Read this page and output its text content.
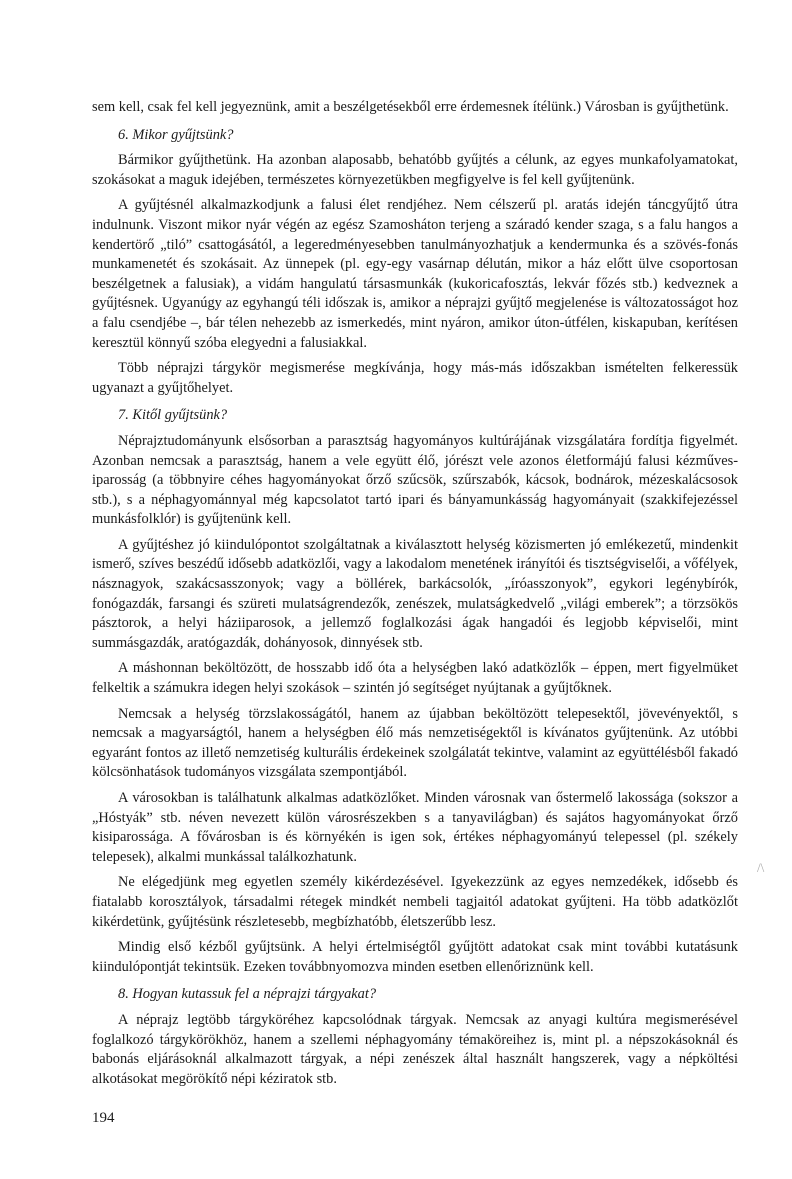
sem kell, csak fel kell jegyeznünk, amit a beszélgetésekből erre érdemesnek ítélünk.) Városban is gyűjthetünk.

6. Mikor gyűjtsünk?

Bármikor gyűjthetünk. Ha azonban alaposabb, behatóbb gyűjtés a célunk, az egyes munkafolyamatokat, szokásokat a maguk idejében, természetes környezetükben megfigyelve is fel kell gyűjtenünk.

A gyűjtésnél alkalmazkodjunk a falusi élet rendjéhez. Nem célszerű pl. aratás idején táncgyűjtő útra indulnunk. Viszont mikor nyár végén az egész Szamosháton terjeng a száradó kender szaga, s a falu hangos a kendertörő „tiló” csattogásától, a legeredményesebben tanulmányozhatjuk a kendermunka és a szövés-fonás munkamenetét és szokásait. Az ünnepek (pl. egy-egy vasárnap délután, mikor a ház előtt ülve csoportosan beszélgetnek a falusiak), a vidám hangulatú társasmunkák (kukoricafosztás, lekvár főzés stb.) kedveznek a gyűjtésnek. Ugyanúgy az egyhangú téli időszak is, amikor a néprajzi gyűjtő megjelenése is változatosságot hoz a falu csendjébe –, bár télen nehezebb az ismerkedés, mint nyáron, amikor úton-útfélen, kiskapuban, kerítésen keresztül könnyű szóba elegyedni a falusiakkal.

Több néprajzi tárgykör megismerése megkívánja, hogy más-más időszakban ismételten felkeressük ugyanazt a gyűjtőhelyet.

7. Kitől gyűjtsünk?

Néprajztudományunk elsősorban a parasztság hagyományos kultúrájának vizsgálatára fordítja figyelmét. Azonban nemcsak a parasztság, hanem a vele együtt élő, jórészt vele azonos életformájú falusi kézműves-iparosság (a többnyire céhes hagyományokat őrző szűcsök, szűrszabók, kácsok, bodnárok, mézeskalácsosok stb.), s a néphagyománnyal még kapcsolatot tartó ipari és bányamunkásság hagyományait (szakkifejezéssel munkásfolklór) is gyűjtenünk kell.

A gyűjtéshez jó kiindulópontot szolgáltatnak a kiválasztott helység közismerten jó emlékezetű, mindenkit ismerő, szíves beszédű idősebb adatközlői, vagy a lakodalom menetének irányítói és tisztségviselői, a vőfélyek, násznagyok, szakácsasszonyok; vagy a böllérek, barkácsolók, „íróasszonyok”, egykori legénybírók, fonógazdák, farsangi és szüreti mulatságrendezők, zenészek, mulatságkedvelő „világi emberek”; a törzsökös pásztorok, a helyi háziiparosok, a jellemző foglalkozási ágak hangadói és legjobb képviselői, mint summásgazdák, aratógazdák, dohányosok, dinnyések stb.

A máshonnan beköltözött, de hosszabb idő óta a helységben lakó adatközlők – éppen, mert figyelmüket felkeltik a számukra idegen helyi szokások – szintén jó segítséget nyújtanak a gyűjtőknek.

Nemcsak a helység törzslakosságától, hanem az újabban beköltözött telepesektől, jövevényektől, s nemcsak a magyarságtól, hanem a helységben élő más nemzetiségektől is kívánatos gyűjtenünk. Az utóbbi egyaránt fontos az illető nemzetiség kulturális érdekeinek szolgálatát tekintve, valamint az együttélésből fakadó kölcsönhatások tudományos vizsgálata szempontjából.

A városokban is találhatunk alkalmas adatközlőket. Minden városnak van őstermelő lakossága (sokszor a „Hóstyák” stb. néven nevezett külön városrészekben s a tanyavilágban) és sajátos hagyományokat őrző kisiparossága. A fővárosban is és környékén is igen sok, értékes néphagyományú telepessel (pl. székely telepesek), alkalmi munkással találkozhatunk.

Ne elégedjünk meg egyetlen személy kikérdezésével. Igyekezzünk az egyes nemzedékek, idősebb és fiatalabb korosztályok, társadalmi rétegek mindkét nembeli tagjaitól adatokat gyűjteni. Ha több adatközlőt kikérdetünk, gyűjtésünk részletesebb, megbízhatóbb, életszerűbb lesz.

Mindig első kézből gyűjtsünk. A helyi értelmiségtől gyűjtött adatokat csak mint további kutatásunk kiindulópontját tekintsük. Ezeken továbbnyomozva minden esetben ellenőriznünk kell.

8. Hogyan kutassuk fel a néprajzi tárgyakat?

A néprajz legtöbb tárgyköréhez kapcsolódnak tárgyak. Nemcsak az anyagi kultúra megismerésével foglalkozó tárgykörökhöz, hanem a szellemi néphagyomány témaköreihez is, mint pl. a népszokásoknál és babonás eljárásoknál alkalmazott tárgyak, a népi zenészek által használt hangszerek, vagy a népköltési alkotásokat megörökítő népi kéziratok stb.

/\
194
